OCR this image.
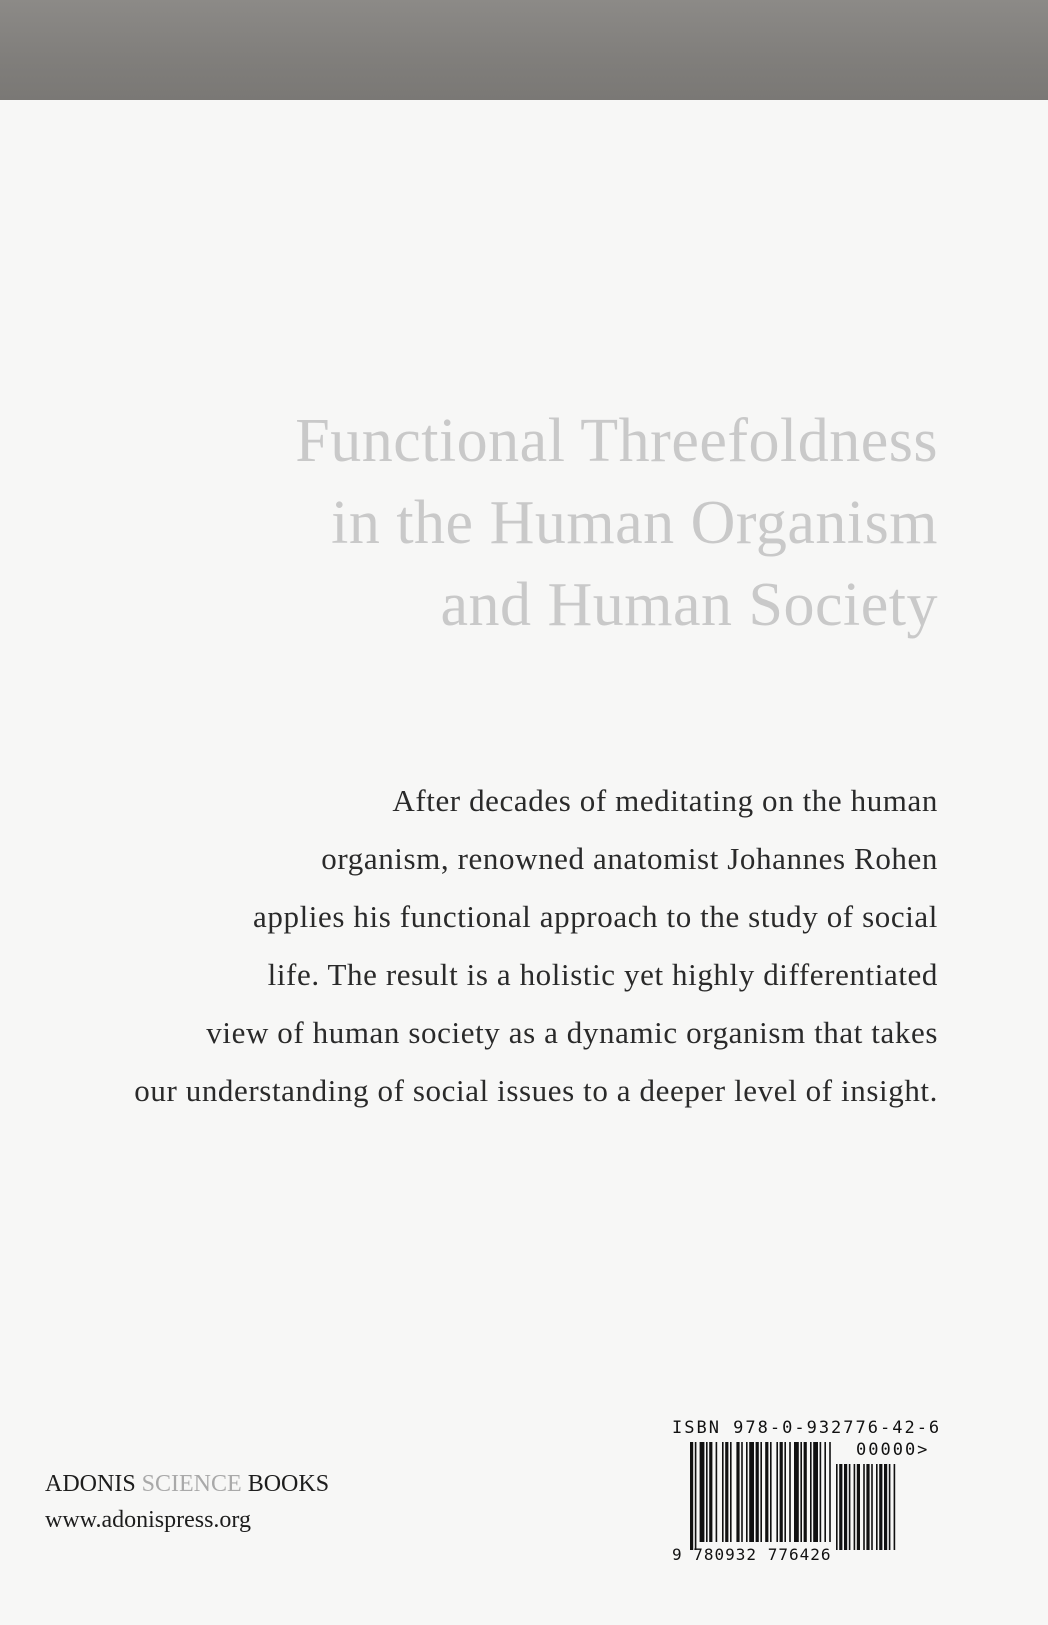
Functional Threefoldness
in the Human Organism
and Human Society
After decades of meditating on the human
organism, renowned anatomist Johannes Rohen
applies his functional approach to the study of social
life. The result is a holistic yet highly differentiated
view of human society as a dynamic organism that takes
our understanding of social issues to a deeper level of insight.
ADONIS SCIENCE BOOKS
www.adonispress.org
ISBN 978-0-932776-42-6
00000>
9 780932 776426
